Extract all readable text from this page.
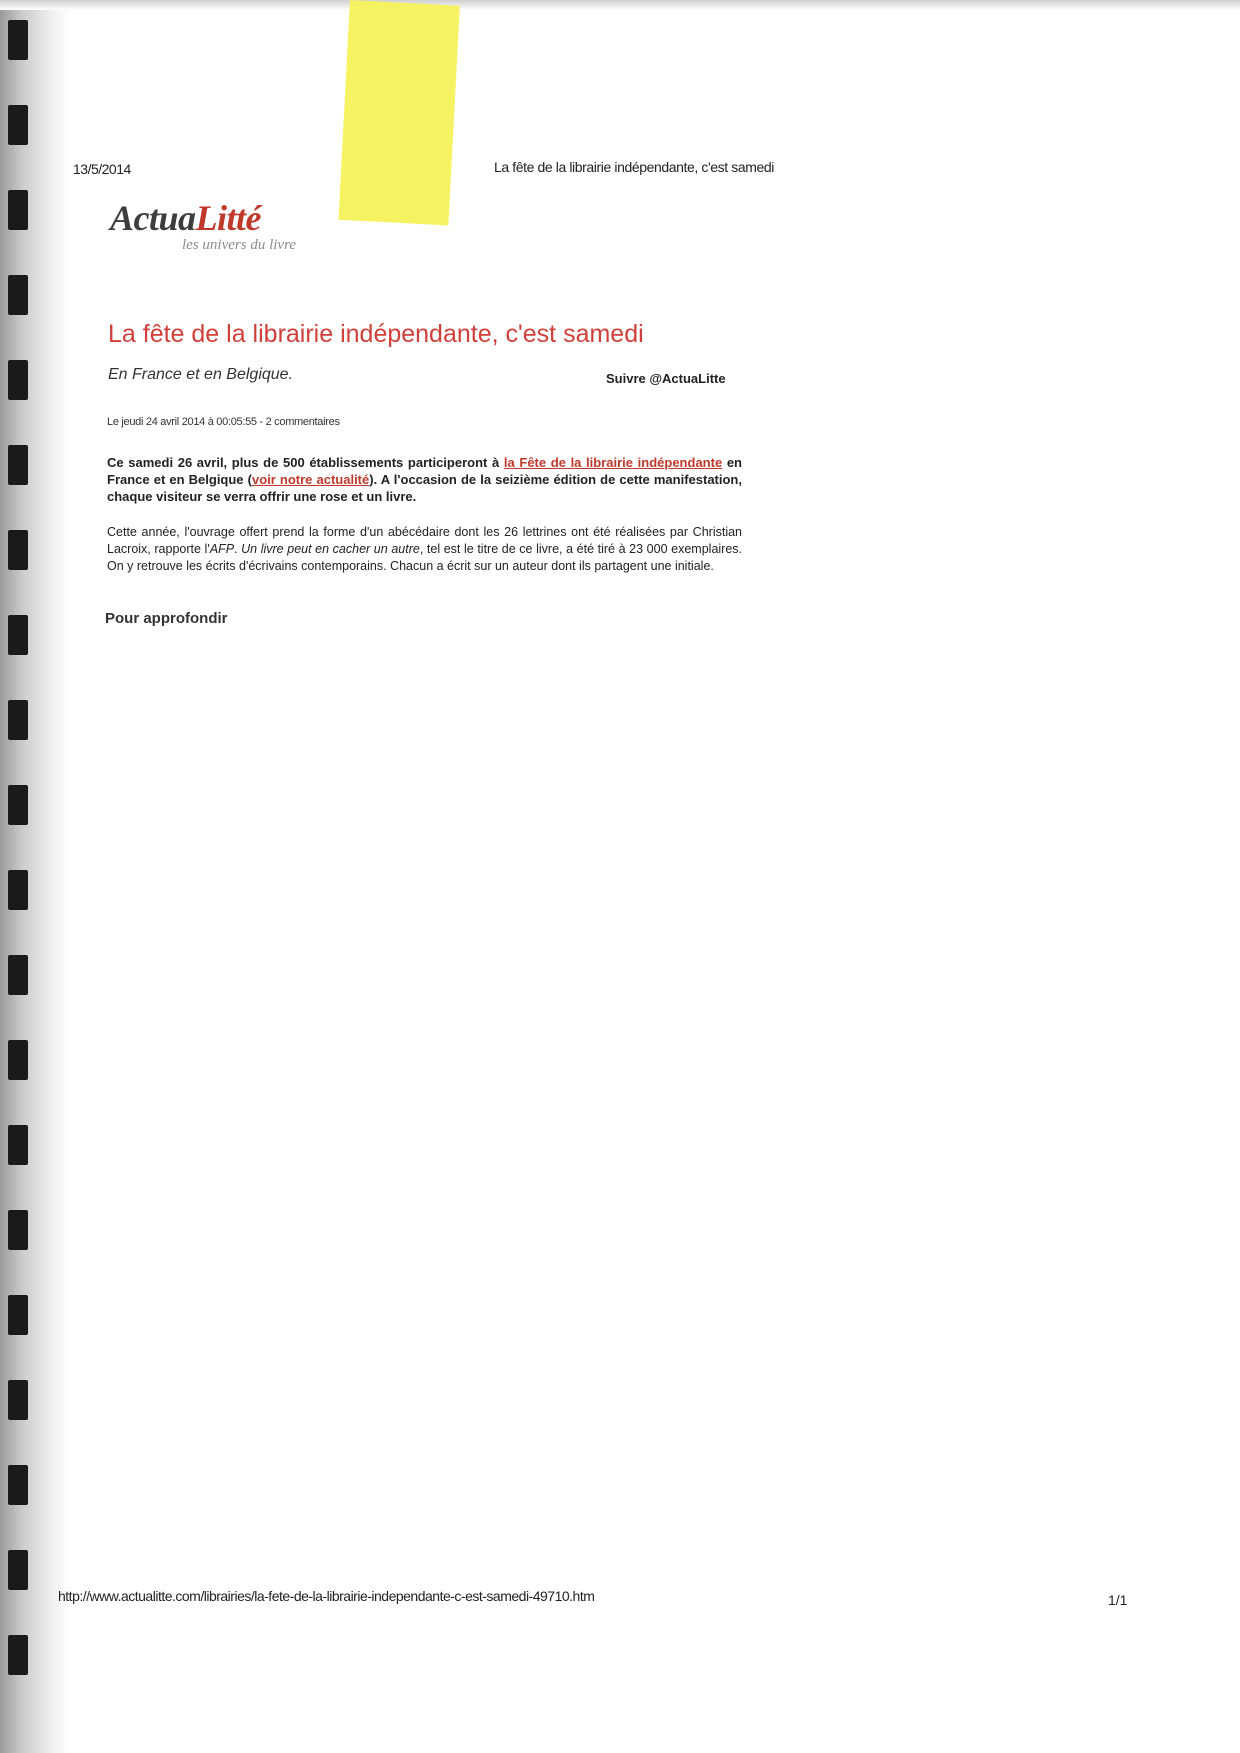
13/5/2014	La fête de la librairie indépendante, c'est samedi
ActuaLitté
les univers du livre
La fête de la librairie indépendante, c'est samedi
En France et en Belgique.	Suivre @ActuaLitte
Le jeudi 24 avril 2014 à 00:05:55 - 2 commentaires

Ce samedi 26 avril, plus de 500 établissements participeront à la Fête de la librairie indépendante en France et en Belgique (voir notre actualité). A l'occasion de la seizième édition de cette manifestation, chaque visiteur se verra offrir une rose et un livre.

Cette année, l'ouvrage offert prend la forme d'un abécédaire dont les 26 lettrines ont été réalisées par Christian Lacroix, rapporte l'AFP. Un livre peut en cacher un autre, tel est le titre de ce livre, a été tiré à 23 000 exemplaires. On y retrouve les écrits d'écrivains contemporains. Chacun a écrit sur un auteur dont ils partagent une initiale.

Pour approfondir
http://www.actualitte.com/librairies/la-fete-de-la-librairie-independante-c-est-samedi-49710.htm	1/1
